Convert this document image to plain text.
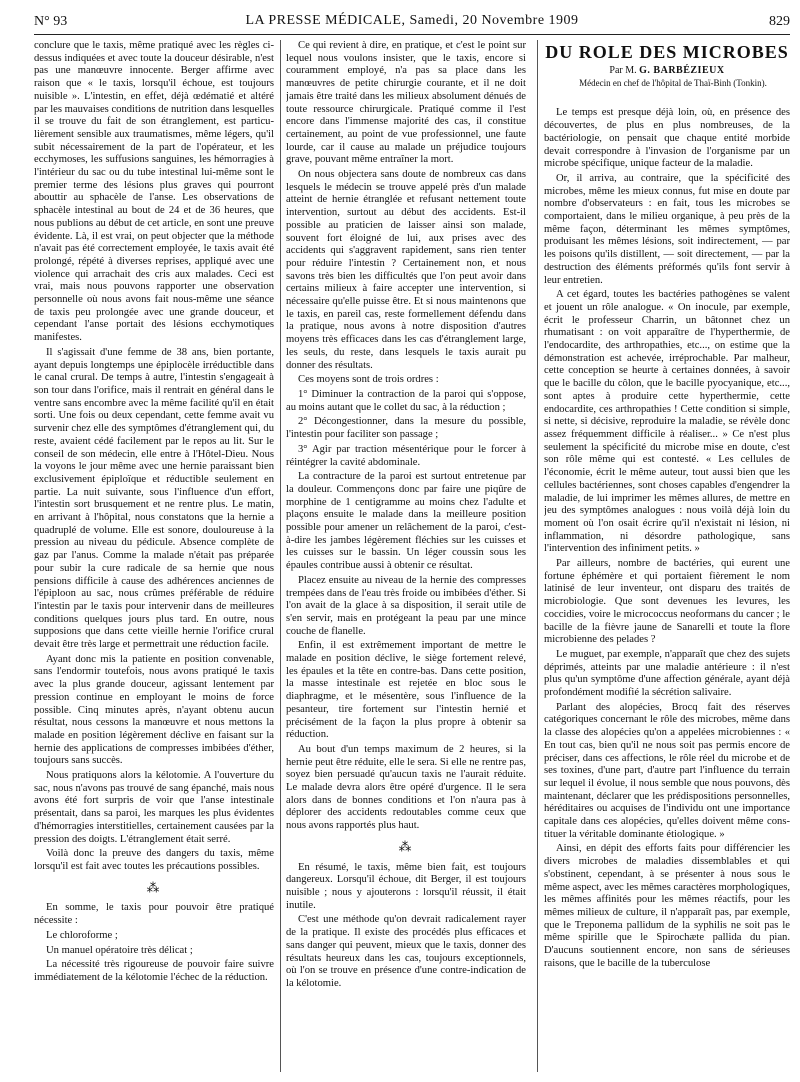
N° 93	LA PRESSE MÉDICALE, Samedi, 20 Novembre 1909	829

conclure que le taxis, même pratiqué avec les règles ci-dessus indiquées et avec toute la douceur désirable, n'est pas une manœuvre innocente. Berger affirme avec raison que « le taxis, lorsqu'il échoue, est toujours nuisible ». L'intestin, en effet, déjà œdématié et altéré par les mauvaises conditions de nutrition dans lesquelles il se trouve du fait de son étranglement, est particulièrement sensible aux traumatismes, même légers, qu'il subit nécessairement de la part de l'opérateur, et les ecchymoses, les suffusions sanguines, les hémorragies à l'intérieur du sac ou du tube intestinal lui-même sont le premier terme des lésions plus graves qui pourront abouttir au sphacèle de l'anse. Les observations de sphacèle intestinal au bout de 24 et de 36 heures, que nous publions au début de cet article, en sont une preuve évidente. Là, il est vrai, on peut objecter que la méthode n'avait pas été correctement employée, le taxis avait été prolongé, répété à diverses reprises, appliqué avec une violence qui arrachait des cris aux malades. Ceci est vrai, mais nous pouvons rapporter une observation personnelle où nous avons fait nous-même une séance de taxis peu prolongée avec une grande douceur, et cependant l'anse portait des lésions ecchymotiques manifestes.

Il s'agissait d'une femme de 38 ans, bien portante, ayant depuis longtemps une épiplocèle irréductible dans le canal crural. De temps à autre, l'intestin s'engageait à son tour dans l'orifice, mais il rentrait en général dans le ventre sans encombre avec la même facilité qu'il en était sorti. Une fois ou deux cependant, cette femme avait vu survenir chez elle des symptômes d'étranglement qui, du reste, avaient cédé facilement par le repos au lit. Sur le conseil de son médecin, elle entre à l'Hôtel-Dieu. Nous la voyons le jour même avec une hernie paraissant bien exclusivement épiploïque et réductible seulement en partie. La nuit suivante, sous l'influence d'un effort, l'intestin sort brusquement et ne rentre plus. Le matin, en arrivant à l'hôpital, nous constatons que la hernie a quadruplé de volume. Elle est sonore, douloureuse à la pression au niveau du pédicule. Absence complète de gaz par l'anus. Comme la malade n'était pas préparée pour subir la cure radicale de sa hernie que nous pensions difficile à cause des adhérences anciennes de l'épiploon au sac, nous crûmes préférable de réduire l'intestin par le taxis pour intervenir dans de meilleures conditions quelques jours plus tard. En outre, nous supposions que dans cette vieille hernie l'orifice crural devait être très large et permettrait une réduction facile.

Ayant donc mis la patiente en position convenable, sans l'endormir toutefois, nous avons pratiqué le taxis avec la plus grande douceur, agissant lentement par pression continue en employant le moins de force possible. Cinq minutes après, n'ayant obtenu aucun résultat, nous cessons la manœuvre et nous mettons la malade en position légèrement déclive en faisant sur la hernie des applications de compresses imbibées d'éther, toujours sans succès.

Nous pratiquons alors la kélotomie. A l'ouverture du sac, nous n'avons pas trouvé de sang épanché, mais nous avons été fort surpris de voir que l'anse intestinale présentait, dans sa paroi, les marques les plus évidentes d'hémorragies interstitielles, certainement causées par la pression des doigts. L'étranglement était serré.

Voilà donc la preuve des dangers du taxis, même lorsqu'il est fait avec toutes les précautions possibles.

⁂

En somme, le taxis pour pouvoir être pratiqué nécessite :

Le chloroforme ;

Un manuel opératoire très délicat ;

La nécessité très rigoureuse de pouvoir faire suivre immédiatement de la kélotomie l'échec de la réduction.

Ce qui revient à dire, en pratique, et c'est le point sur lequel nous voulons insister, que le taxis, encore si couramment employé, n'a pas sa place dans les manœuvres de petite chirurgie courante, et il ne doit jamais être traité dans les milieux absolument dénués de toute ressource chirurgicale. Pratiqué comme il l'est encore dans l'immense majorité des cas, il constitue certainement, au point de vue professionnel, une faute lourde, car il cause au malade un préjudice toujours grave, pouvant même entraîner la mort.

On nous objectera sans doute de nombreux cas dans lesquels le médecin se trouve appelé près d'un malade atteint de hernie étranglée et refusant nettement toute intervention, surtout au début des accidents. Est-il possible au praticien de laisser ainsi son malade, souvent fort éloigné de lui, aux prises avec des accidents qui s'aggravent rapidement, sans rien tenter pour réduire l'intestin ? Certainement non, et nous savons très bien les difficultés que l'on peut avoir dans certains milieux à faire accepter une intervention, si nécessaire qu'elle puisse être. Et si nous maintenons que le taxis, en pareil cas, reste formellement défendu dans la pratique, nous avons à notre disposition d'autres moyens très efficaces dans les cas d'étranglement large, les seuls, du reste, dans lesquels le taxis aurait pu donner des résultats.

Ces moyens sont de trois ordres :

1° Diminuer la contraction de la paroi qui s'oppose, au moins autant que le collet du sac, à la réduction ;

2° Décongestionner, dans la mesure du possible, l'intestin pour faciliter son passage ;

3° Agir par traction mésentérique pour le forcer à réintégrer la cavité abdominale.

La contracture de la paroi est surtout entretenue par la douleur. Commençons donc par faire une piqûre de morphine de 1 centigramme au moins chez l'adulte et plaçons ensuite le malade dans la meilleure position possible pour amener un relâchement de la paroi, c'est-à-dire les jambes légèrement fléchies sur les cuisses et les cuisses sur le bassin. Un léger coussin sous les épaules contribue aussi à obtenir ce résultat.

Placez ensuite au niveau de la hernie des compresses trempées dans de l'eau très froide ou imbibées d'éther. Si l'on avait de la glace à sa disposition, il serait utile de s'en servir, mais en protégeant la peau par une mince couche de flanelle.

Enfin, il est extrêmement important de mettre le malade en position déclive, le siège fortement relevé, les épaules et la tête en contre-bas. Dans cette position, la masse intestinale est rejetée en bloc sous le diaphragme, et le mésentère, sous l'influence de la pesanteur, tire fortement sur l'intestin hernié et précisément de la façon la plus propre à obtenir sa réduction.

Au bout d'un temps maximum de 2 heures, si la hernie peut être réduite, elle le sera. Si elle ne rentre pas, soyez bien persuadé qu'aucun taxis ne l'aurait réduite. Le malade devra alors être opéré d'urgence. Il le sera alors dans de bonnes conditions et l'on n'aura pas à déplorer des accidents redoutables comme ceux que nous avons rapportés plus haut.

⁂

En résumé, le taxis, même bien fait, est toujours dangereux. Lorsqu'il échoue, dit Berger, il est toujours nuisible ; nous y ajouterons : lorsqu'il réussit, il était inutile.

C'est une méthode qu'on devrait radicalement rayer de la pratique. Il existe des procédés plus efficaces et sans danger qui peuvent, mieux que le taxis, donner des résultats heureux dans les cas, toujours exceptionnels, où l'on se trouve en présence d'une contre-indication de la kélotomie.

DU ROLE DES MICROBES
Par M. G. BARBÉZIEUX

Médecin en chef de l'hôpital de Thaï-Binh (Tonkin).

Le temps est presque déjà loin, où, en présence des découvertes, de plus en plus nombreuses, de la bactériologie, on pensait que chaque entité morbide devait correspondre à l'invasion de l'organisme par un microbe spécifique, unique facteur de la maladie.

Or, il arriva, au contraire, que la spécificité des microbes, même les mieux connus, fut mise en doute par nombre d'observateurs : en fait, tous les microbes se comportaient, dans le milieu organique, à peu près de la même façon, déterminant les mêmes symptômes, produisant les mêmes lésions, soit indirectement, — par les poisons qu'ils distillent, — soit directement, — par la destruction des éléments préformés qu'ils font servir à leur entretien.

A cet égard, toutes les bactéries pathogènes se valent et jouent un rôle analogue. « On inocule, par exemple, écrit le professeur Charrin, un bâtonnet chez un rhumatisant : on voit apparaître de l'hyperthermie, de l'endocardite, des arthropathies, etc..., on estime que la démonstration est achevée, irréprochable. Par malheur, cette conception se heurte à certaines données, à savoir que le bacille du côlon, que le bacille pyocyanique, etc..., sont aptes à produire cette hyperthermie, cette endocardite, ces arthropathies ! Cette condition si simple, si nette, si décisive, reproduire la maladie, se révèle donc assez fréquemment difficile à réaliser... » Ce n'est plus seulement la spécificité du microbe mise en doute, c'est son rôle même qui est contesté. « Les cellules de l'économie, écrit le même auteur, tout aussi bien que les cellules bactériennes, sont choses capables d'engendrer la maladie, de lui imprimer les mêmes allures, de mettre en jeu des symptômes analogues : nous voilà déjà loin du moment où l'on osait écrire qu'il n'existait ni lésion, ni inflammation, ni désordre pathologique, sans l'intervention des infiniment petits. »

Par ailleurs, nombre de bactéries, qui eurent une fortune éphémère et qui portaient fièrement le nom latinisé de leur inventeur, ont disparu des traités de microbiologie. Que sont devenues les levures, les coccidies, voire le micrococcus neoformans du cancer ; le bacille de la fièvre jaune de Sanarelli et toute la flore microbienne des pelades ?

Le muguet, par exemple, n'apparaît que chez des sujets déprimés, atteints par une maladie antérieure : il n'est plus qu'un symptôme d'une affection générale, ayant déjà profondément modifié la sécrétion salivaire.

Parlant des alopécies, Brocq fait des réserves catégoriques concernant le rôle des microbes, même dans la classe des alopécies qu'on a appelées microbiennes : « En tout cas, bien qu'il ne nous soit pas permis encore de préciser, dans ces affections, le rôle réel du microbe et de ses toxines, d'une part, d'autre part l'influence du terrain sur lequel il évolue, il nous semble que nous pouvons, dès maintenant, déclarer que les prédispositions personnelles, héréditaires ou acquises de l'individu ont une importance capitale dans ces alopécies, qu'elles doivent même constituer la véritable dominante étiologique. »

Ainsi, en dépit des efforts faits pour différencier les divers microbes de maladies dissemblables et qui s'obstinent, cependant, à se présenter à nous sous le même aspect, avec les mêmes caractères morphologiques, les mêmes affinités pour les mêmes réactifs, pour les mêmes milieux de culture, il n'apparaît pas, par exemple, que le Treponema pallidum de la syphilis ne soit pas le même spirille que le Spirochæte pallida du pian. D'aucuns soutiennent encore, non sans de sérieuses raisons, que le bacille de la tuberculose
